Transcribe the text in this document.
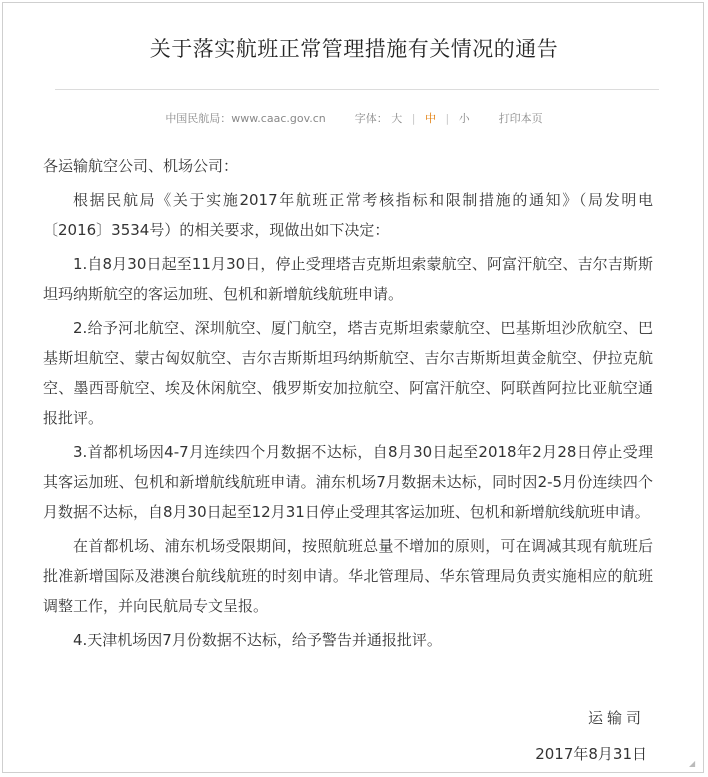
关于落实航班正常管理措施有关情况的通告
中国民航局：www.caac.gov.cn	字体： 大 | 中 | 小	打印本页

各运输航空公司、机场公司：

根据民航局《关于实施2017年航班正常考核指标和限制措施的通知》（局发明电〔2016〕3534号）的相关要求，现做出如下决定：

1.自8月30日起至11月30日，停止受理塔吉克斯坦索蒙航空、阿富汗航空、吉尔吉斯斯坦玛纳斯航空的客运加班、包机和新增航线航班申请。

2.给予河北航空、深圳航空、厦门航空，塔吉克斯坦索蒙航空、巴基斯坦沙欣航空、巴基斯坦航空、蒙古匈奴航空、吉尔吉斯斯坦玛纳斯航空、吉尔吉斯斯坦黄金航空、伊拉克航空、墨西哥航空、埃及休闲航空、俄罗斯安加拉航空、阿富汗航空、阿联酋阿拉比亚航空通报批评。

3.首都机场因4-7月连续四个月数据不达标，自8月30日起至2018年2月28日停止受理其客运加班、包机和新增航线航班申请。浦东机场7月数据未达标，同时因2-5月份连续四个月数据不达标，自8月30日起至12月31日停止受理其客运加班、包机和新增航线航班申请。

在首都机场、浦东机场受限期间，按照航班总量不增加的原则，可在调减其现有航班后批准新增国际及港澳台航线航班的时刻申请。华北管理局、华东管理局负责实施相应的航班调整工作，并向民航局专文呈报。

4.天津机场因7月份数据不达标，给予警告并通报批评。

运输司
2017年8月31日
◢
